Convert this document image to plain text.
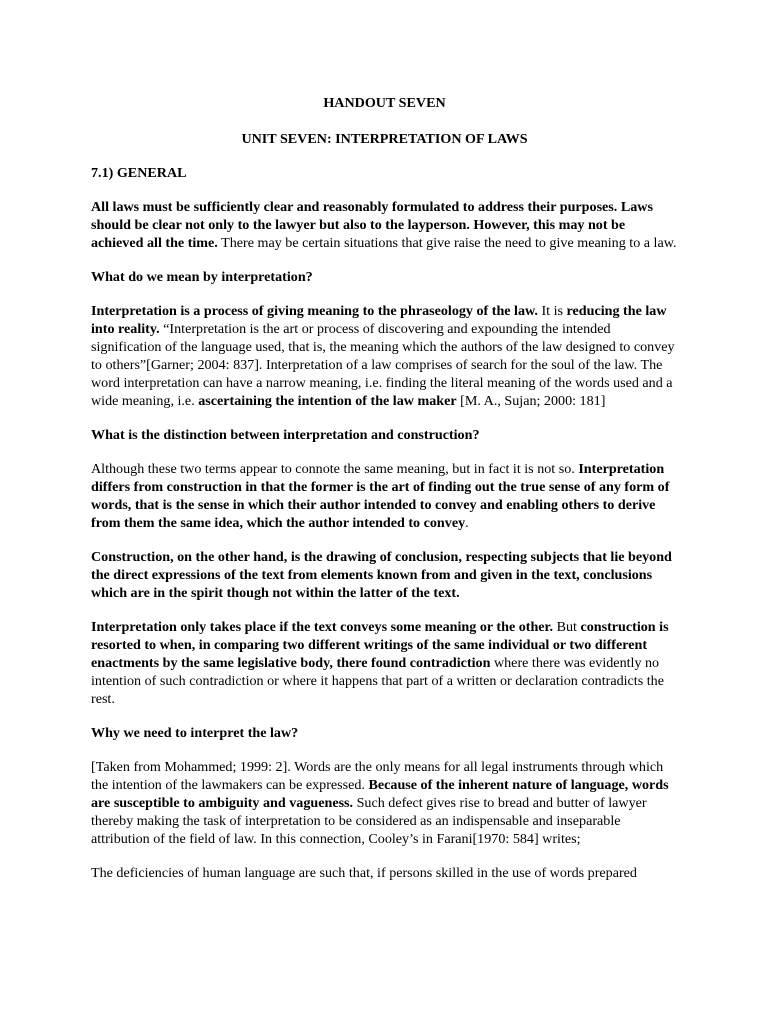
HANDOUT SEVEN

UNIT SEVEN: INTERPRETATION OF LAWS

7.1) GENERAL

All laws must be sufficiently clear and reasonably formulated to address their purposes. Laws should be clear not only to the lawyer but also to the layperson. However, this may not be achieved all the time. There may be certain situations that give raise the need to give meaning to a law.

What do we mean by interpretation?

Interpretation is a process of giving meaning to the phraseology of the law. It is reducing the law into reality. “Interpretation is the art or process of discovering and expounding the intended signification of the language used, that is, the meaning which the authors of the law designed to convey to others”[Garner; 2004: 837]. Interpretation of a law comprises of search for the soul of the law. The word interpretation can have a narrow meaning, i.e. finding the literal meaning of the words used and a wide meaning, i.e. ascertaining the intention of the law maker [M. A., Sujan; 2000: 181]

What is the distinction between interpretation and construction?

Although these two terms appear to connote the same meaning, but in fact it is not so. Interpretation differs from construction in that the former is the art of finding out the true sense of any form of words, that is the sense in which their author intended to convey and enabling others to derive from them the same idea, which the author intended to convey.

Construction, on the other hand, is the drawing of conclusion, respecting subjects that lie beyond the direct expressions of the text from elements known from and given in the text, conclusions which are in the spirit though not within the latter of the text.

Interpretation only takes place if the text conveys some meaning or the other. But construction is resorted to when, in comparing two different writings of the same individual or two different enactments by the same legislative body, there found contradiction where there was evidently no intention of such contradiction or where it happens that part of a written or declaration contradicts the rest.

Why we need to interpret the law?

[Taken from Mohammed; 1999: 2]. Words are the only means for all legal instruments through which the intention of the lawmakers can be expressed. Because of the inherent nature of language, words are susceptible to ambiguity and vagueness. Such defect gives rise to bread and butter of lawyer thereby making the task of interpretation to be considered as an indispensable and inseparable attribution of the field of law. In this connection, Cooley’s in Farani[1970: 584] writes;

The deficiencies of human language are such that, if persons skilled in the use of words prepared
